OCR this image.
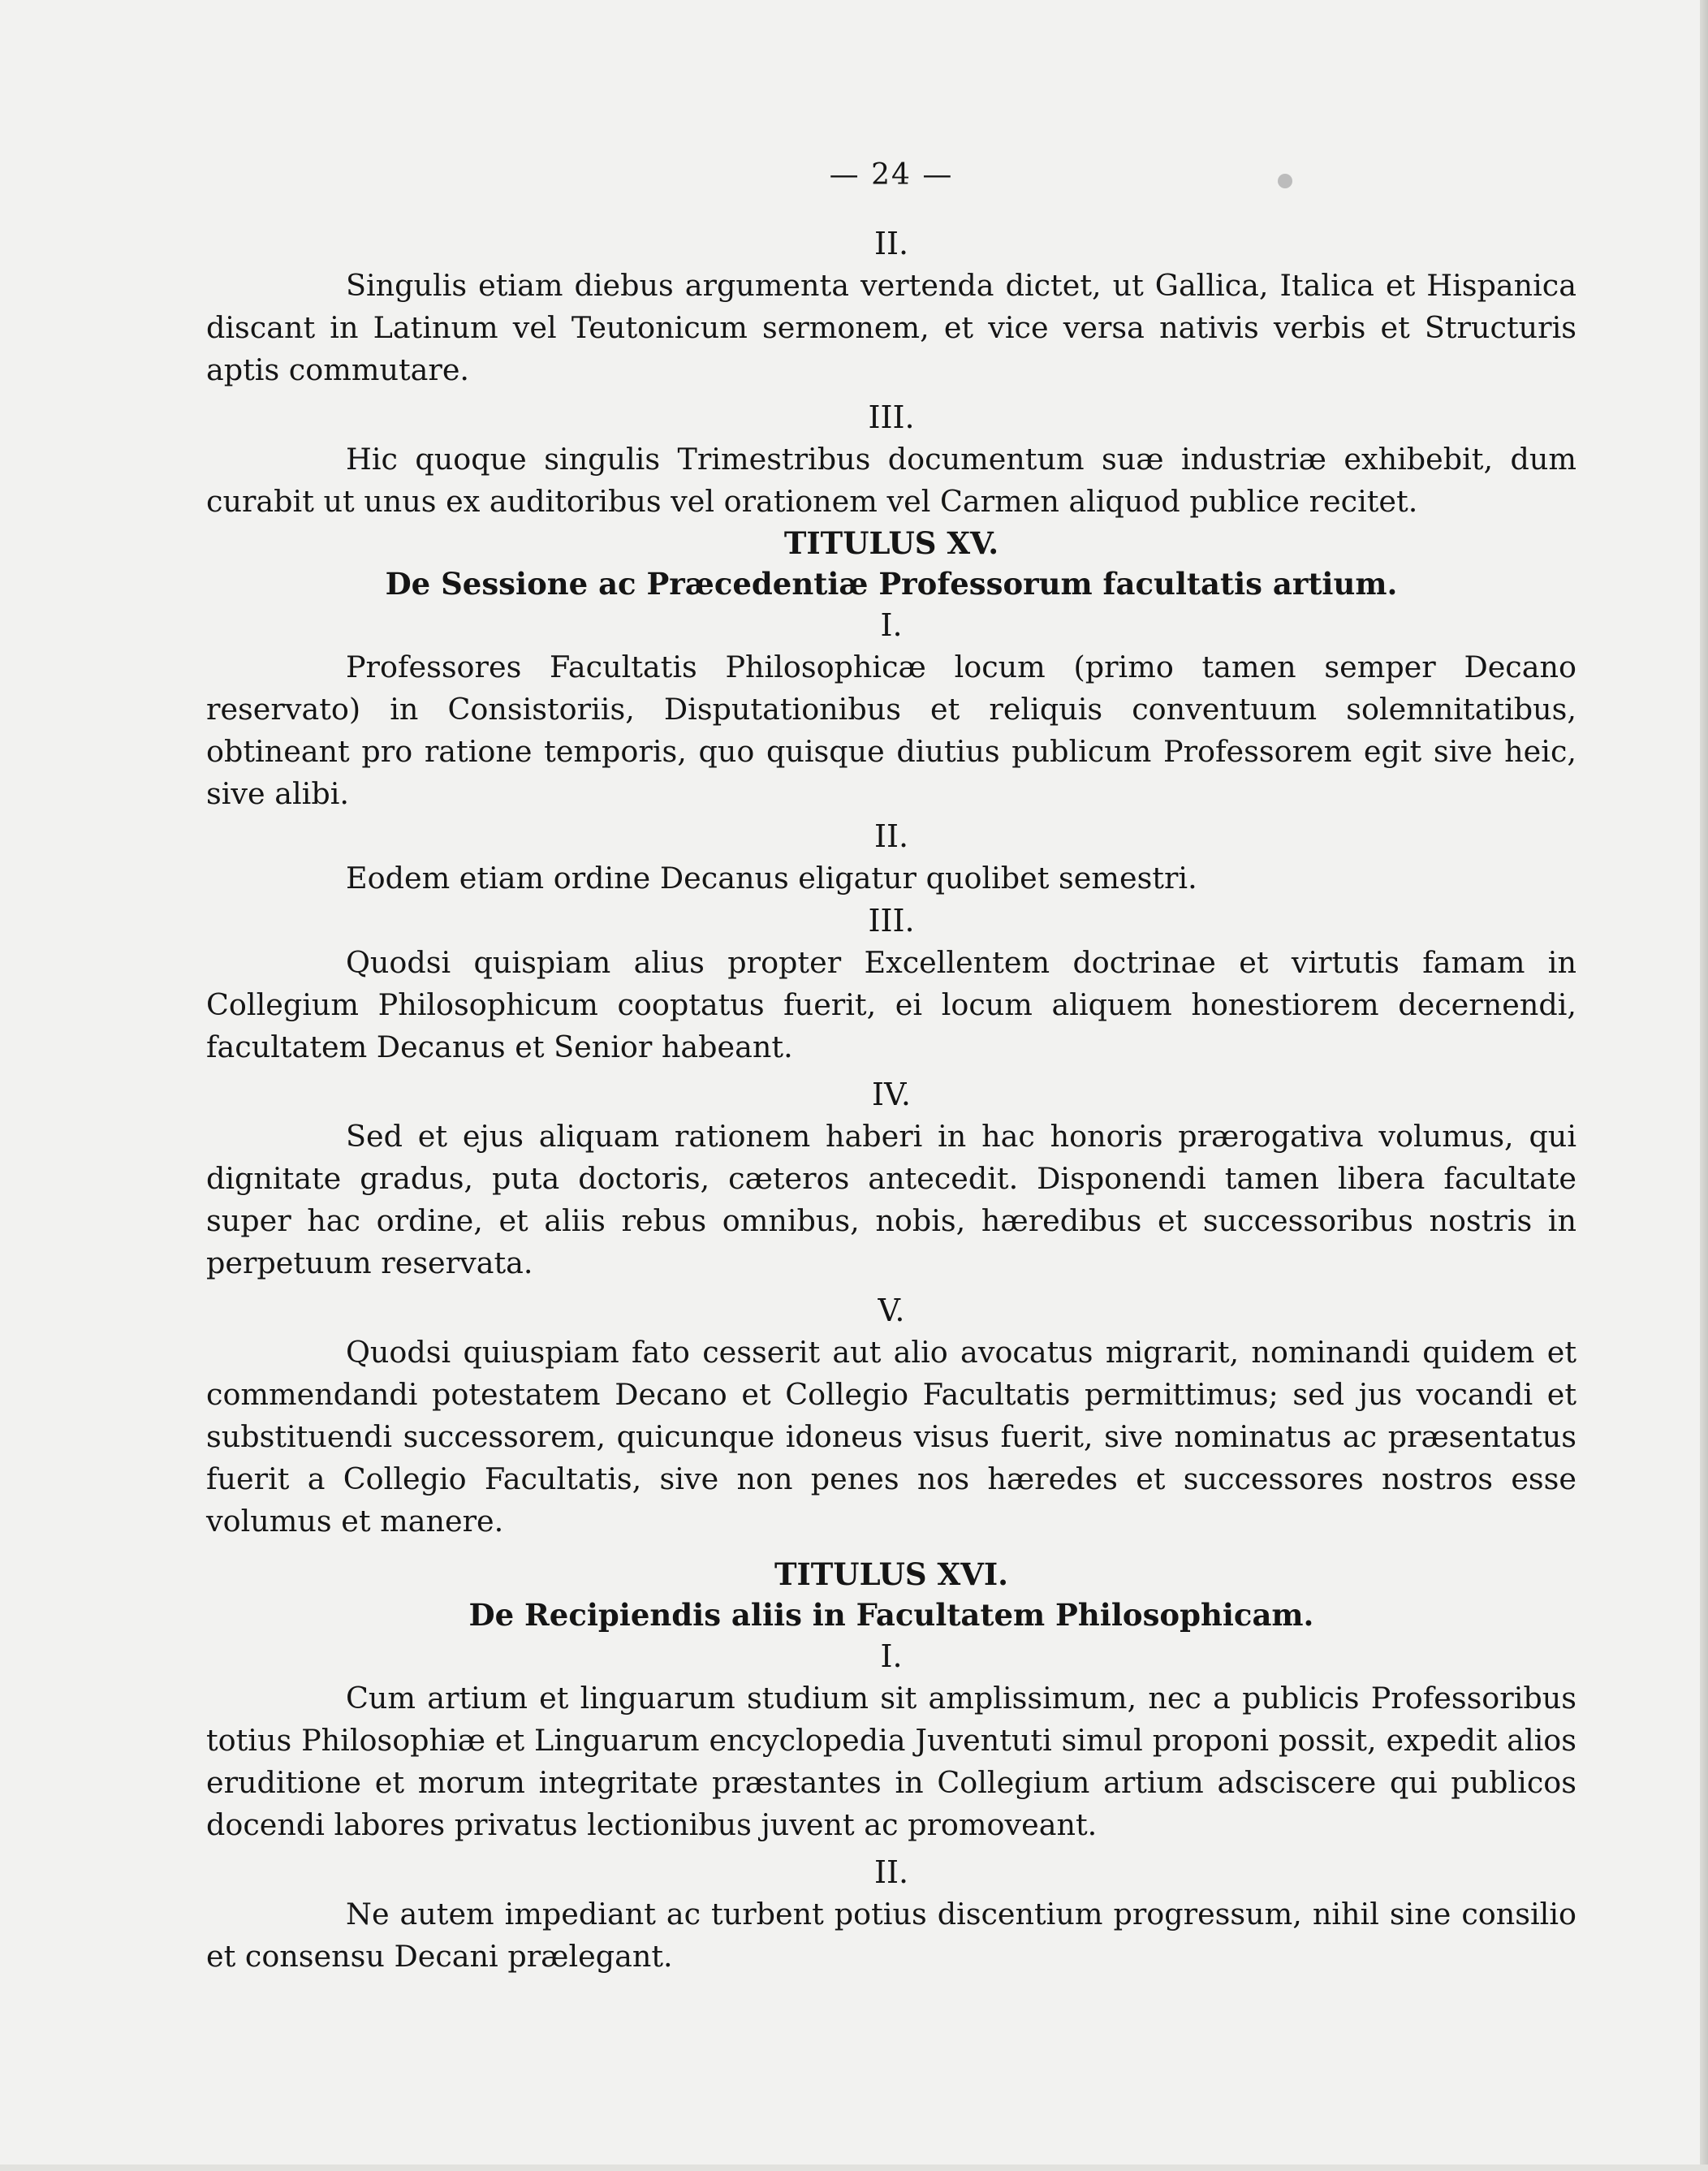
— 24 —
II.

Singulis etiam diebus argumenta vertenda dictet, ut Gallica, Italica et Hispanica discant in Latinum vel Teutonicum sermonem, et vice versa nativis verbis et Structuris aptis commutare.

III.

Hic quoque singulis Trimestribus documentum suæ industriæ exhibebit, dum curabit ut unus ex auditoribus vel orationem vel Carmen aliquod publice recitet.

TITULUS XV.
De Sessione ac Præcedentiæ Professorum facultatis artium.
I.

Professores Facultatis Philosophicæ locum (primo tamen semper Decano reservato) in Consistoriis, Disputationibus et reliquis conventuum solemnitatibus, obtineant pro ratione temporis, quo quisque diutius publicum Professorem egit sive heic, sive alibi.

II.

Eodem etiam ordine Decanus eligatur quolibet semestri.

III.

Quodsi quispiam alius propter Excellentem doctrinae et virtutis famam in Collegium Philosophicum cooptatus fuerit, ei locum aliquem honestiorem decernendi, facultatem Decanus et Senior habeant.

IV.

Sed et ejus aliquam rationem haberi in hac honoris prærogativa volumus, qui dignitate gradus, puta doctoris, cæteros antecedit. Disponendi tamen libera facultate super hac ordine, et aliis rebus omnibus, nobis, hæredibus et successoribus nostris in perpetuum reservata.

V.

Quodsi quiuspiam fato cesserit aut alio avocatus migrarit, nominandi quidem et commendandi potestatem Decano et Collegio Facultatis permittimus; sed jus vocandi et substituendi successorem, quicunque idoneus visus fuerit, sive nominatus ac præsentatus fuerit a Collegio Facultatis, sive non penes nos hæredes et successores nostros esse volumus et manere.

TITULUS XVI.
De Recipiendis aliis in Facultatem Philosophicam.
I.

Cum artium et linguarum studium sit amplissimum, nec a publicis Professoribus totius Philosophiæ et Linguarum encyclopedia Juventuti simul proponi possit, expedit alios eruditione et morum integritate præstantes in Collegium artium adsciscere qui publicos docendi labores privatus lectionibus juvent ac promoveant.

II.

Ne autem impediant ac turbent potius discentium progressum, nihil sine consilio et consensu Decani prælegant.
